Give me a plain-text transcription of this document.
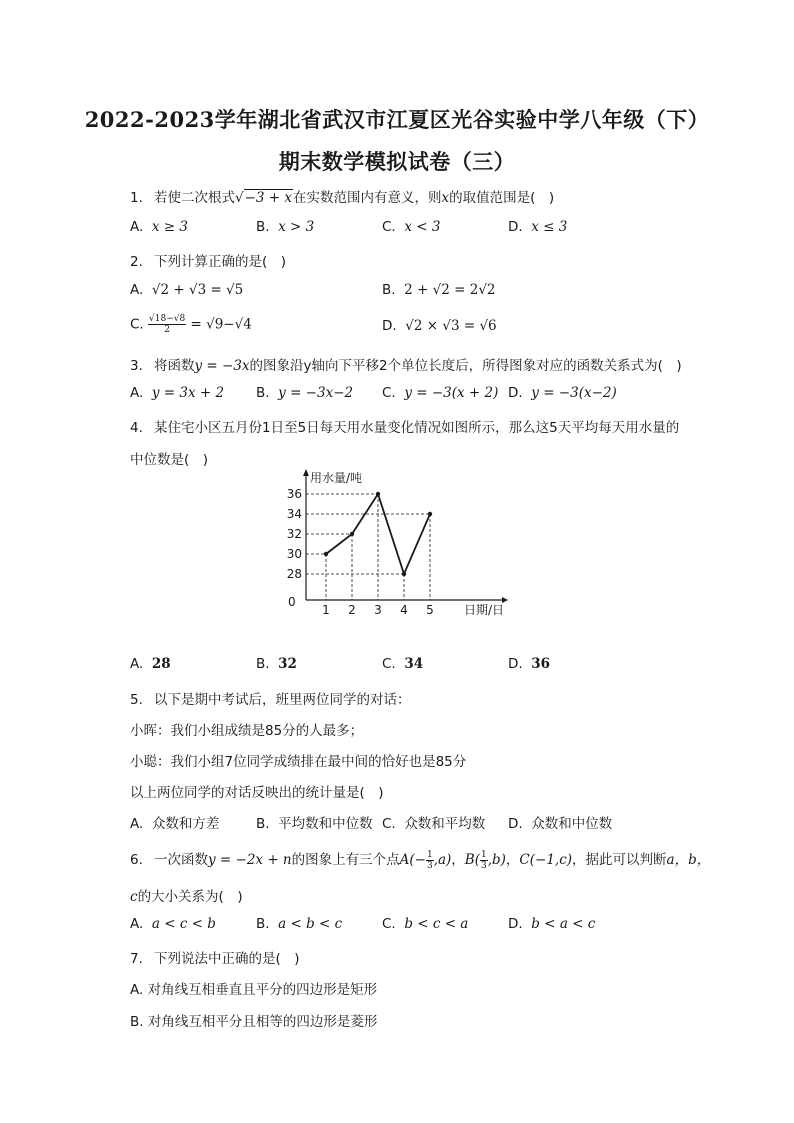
2022-2023学年湖北省武汉市江夏区光谷实验中学八年级（下）
期末数学模拟试卷（三）
1. 若使二次根式√−3 + x在实数范围内有意义，则x的取值范围是(　)
A. x ≥ 3	B. x > 3	C. x < 3	D. x ≤ 3
2. 下列计算正确的是(　)
A. √2 + √3 = √5	B. 2 + √2 = 2√2
C. $\frac{√18-√8}{2} = √9-√4$	D. √2 × √3 = √6
3. 将函数y = −3x的图象沿y轴向下平移2个单位长度后，所得图象对应的函数关系式为(　)
A. y = 3x + 2 B. y = −3x−2 C. y = −3(x + 2) D. y = −3(x−2)
4. 某住宅小区五月份1日至5日每天用水量变化情况如图所示，那么这5天平均每天用水量的
中位数是(　)
36
34
32
30
28
1 2 3 4 5
用水量/吨
日期/日
0
A. 28	B. 32	C. 34	D. 36
5. 以下是期中考试后，班里两位同学的对话：
小晖：我们小组成绩是85分的人最多；
小聪：我们小组7位同学成绩排在最中间的恰好也是85分
以上两位同学的对话反映出的统计量是(　)
A. 众数和方差	B. 平均数和中位数 C. 众数和平均数 D. 众数和中位数
6. 一次函数y = −2x + n的图象上有三个点$A(- \frac{1}{3} ,a)$，$B( \frac{1}{3} ,b)$，C(−1,c)，据此可以判断a，b，
c的大小关系为(　)
A. a < c < b	B. a < b < c	C. b < c < a	D. b < a < c
7. 下列说法中正确的是(　)
A. 对角线互相垂直且平分的四边形是矩形
B. 对角线互相平分且相等的四边形是菱形
